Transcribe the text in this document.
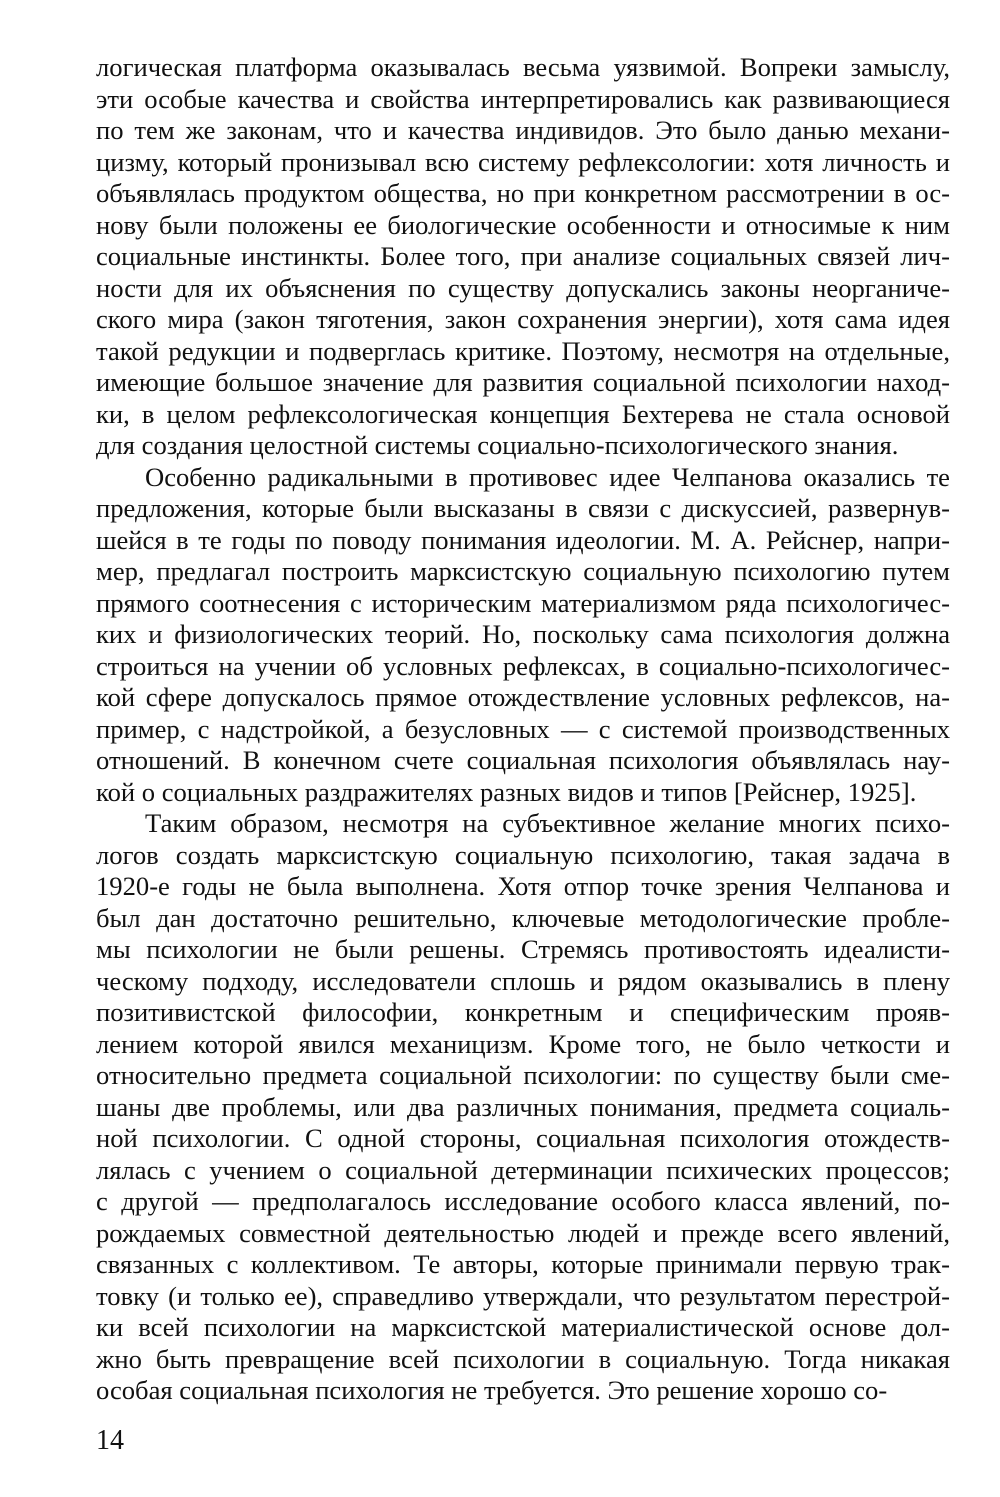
логическая платформа оказывалась весьма уязвимой. Вопреки замыслу,
эти особые качества и свойства интерпретировались как развивающиеся
по тем же законам, что и качества индивидов. Это было данью механи-
цизму, который пронизывал всю систему рефлексологии: хотя личность и
объявлялась продуктом общества, но при конкретном рассмотрении в ос-
нову были положены ее биологические особенности и относимые к ним
социальные инстинкты. Более того, при анализе социальных связей лич-
ности для их объяснения по существу допускались законы неорганиче-
ского мира (закон тяготения, закон сохранения энергии), хотя сама идея
такой редукции и подверглась критике. Поэтому, несмотря на отдельные,
имеющие большое значение для развития социальной психологии наход-
ки, в целом рефлексологическая концепция Бехтерева не стала основой
для создания целостной системы социально-психологического знания.
Особенно радикальными в противовес идее Челпанова оказались те
предложения, которые были высказаны в связи с дискуссией, развернув-
шейся в те годы по поводу понимания идеологии. М. А. Рейснер, напри-
мер, предлагал построить марксистскую социальную психологию путем
прямого соотнесения с историческим материализмом ряда психологичес-
ких и физиологических теорий. Но, поскольку сама психология должна
строиться на учении об условных рефлексах, в социально-психологичес-
кой сфере допускалось прямое отождествление условных рефлексов, на-
пример, с надстройкой, а безусловных — с системой производственных
отношений. В конечном счете социальная психология объявлялась нау-
кой о социальных раздражителях разных видов и типов [Рейснер, 1925].
Таким образом, несмотря на субъективное желание многих психо-
логов создать марксистскую социальную психологию, такая задача в
1920-е годы не была выполнена. Хотя отпор точке зрения Челпанова и
был дан достаточно решительно, ключевые методологические пробле-
мы психологии не были решены. Стремясь противостоять идеалисти-
ческому подходу, исследователи сплошь и рядом оказывались в плену
позитивистской философии, конкретным и специфическим прояв-
лением которой явился механицизм. Кроме того, не было четкости и
относительно предмета социальной психологии: по существу были сме-
шаны две проблемы, или два различных понимания, предмета социаль-
ной психологии. С одной стороны, социальная психология отождеств-
лялась с учением о социальной детерминации психических процессов;
с другой — предполагалось исследование особого класса явлений, по-
рождаемых совместной деятельностью людей и прежде всего явлений,
связанных с коллективом. Те авторы, которые принимали первую трак-
товку (и только ее), справедливо утверждали, что результатом перестрой-
ки всей психологии на марксистской материалистической основе дол-
жно быть превращение всей психологии в социальную. Тогда никакая
особая социальная психология не требуется. Это решение хорошо со-
14
